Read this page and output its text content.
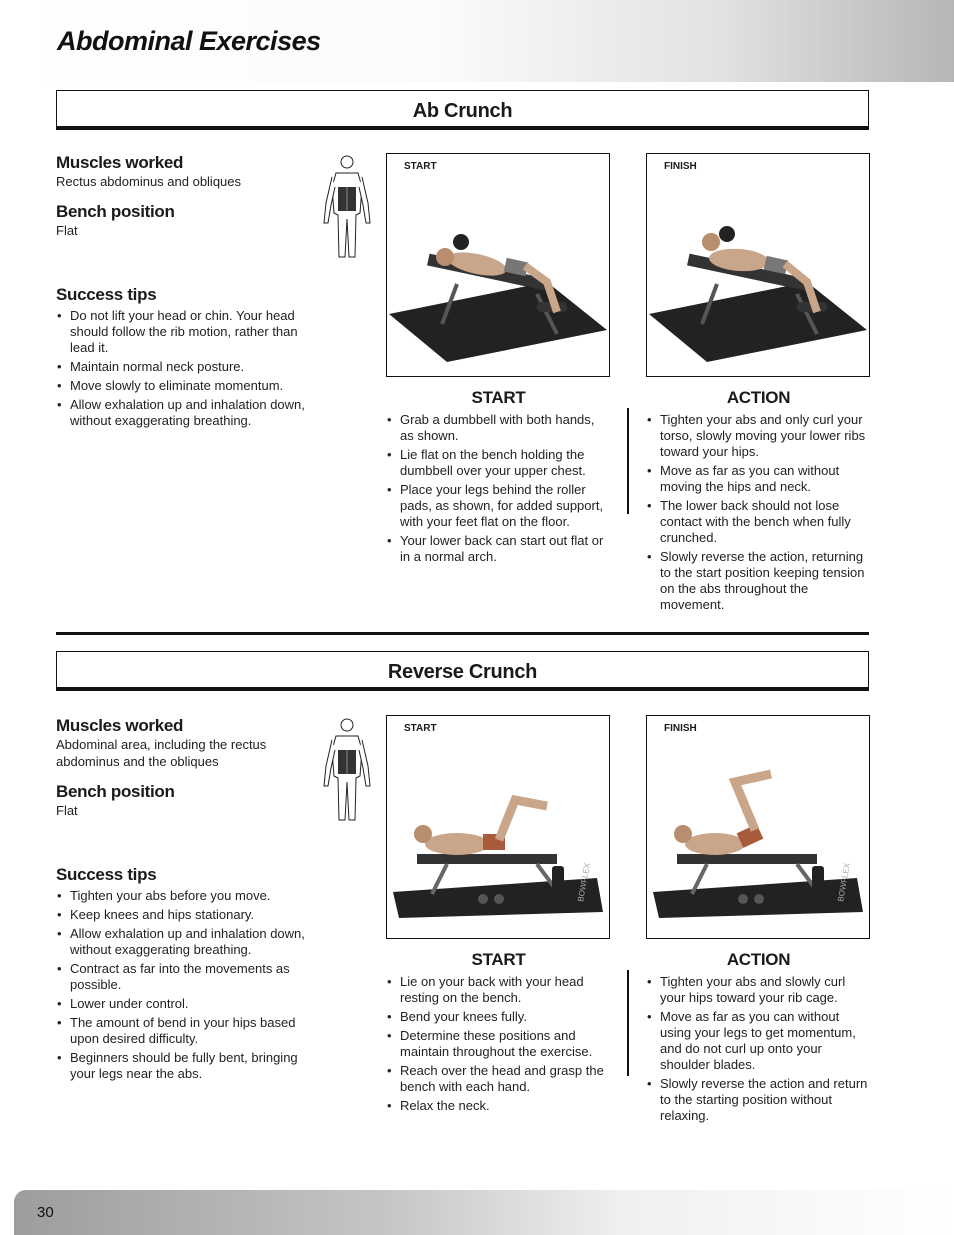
Abdominal Exercises
Ab Crunch
Muscles worked

Rectus abdominus and obliques

Bench position

Flat

Success tips
• Do not lift your head or chin. Your head should follow the rib motion, rather than lead it.
• Maintain normal neck posture.
• Move slowly to eliminate momentum.
• Allow exhalation up and inhalation down, without exaggerating breathing.
START	FINISH
START
• Grab a dumbbell with both hands, as shown.
• Lie flat on the bench holding the dumbbell over your upper chest.
• Place your legs behind the roller pads, as shown, for added support, with your feet flat on the floor.
• Your lower back can start out flat or in a normal arch.
ACTION
• Tighten your abs and only curl your torso, slowly moving your lower ribs toward your hips.
• Move as far as you can without moving the hips and neck.
• The lower back should not lose contact with the bench when fully crunched.
• Slowly reverse the action, returning to the start position keeping tension on the abs throughout the movement.
Reverse Crunch
Muscles worked

Abdominal area, including the rectus abdominus and the obliques

Bench position

Flat

Success tips
• Tighten your abs before you move.
• Keep knees and hips stationary.
• Allow exhalation up and inhalation down, without exaggerating breathing.
• Contract as far into the movements as possible.
• Lower under control.
• The amount of bend in your hips based upon desired difficulty.
• Beginners should be fully bent, bringing your legs near the abs.
START
BOWFLEX
FINISH
BOWFLEX
START
• Lie on your back with your head resting on the bench.
• Bend your knees fully.
• Determine these positions and maintain throughout the exercise.
• Reach over the head and grasp the bench with each hand.
• Relax the neck.
ACTION
• Tighten your abs and slowly curl your hips toward your rib cage.
• Move as far as you can without using your legs to get momentum, and do not curl up onto your shoulder blades.
• Slowly reverse the action and return to the starting position without relaxing.
30
